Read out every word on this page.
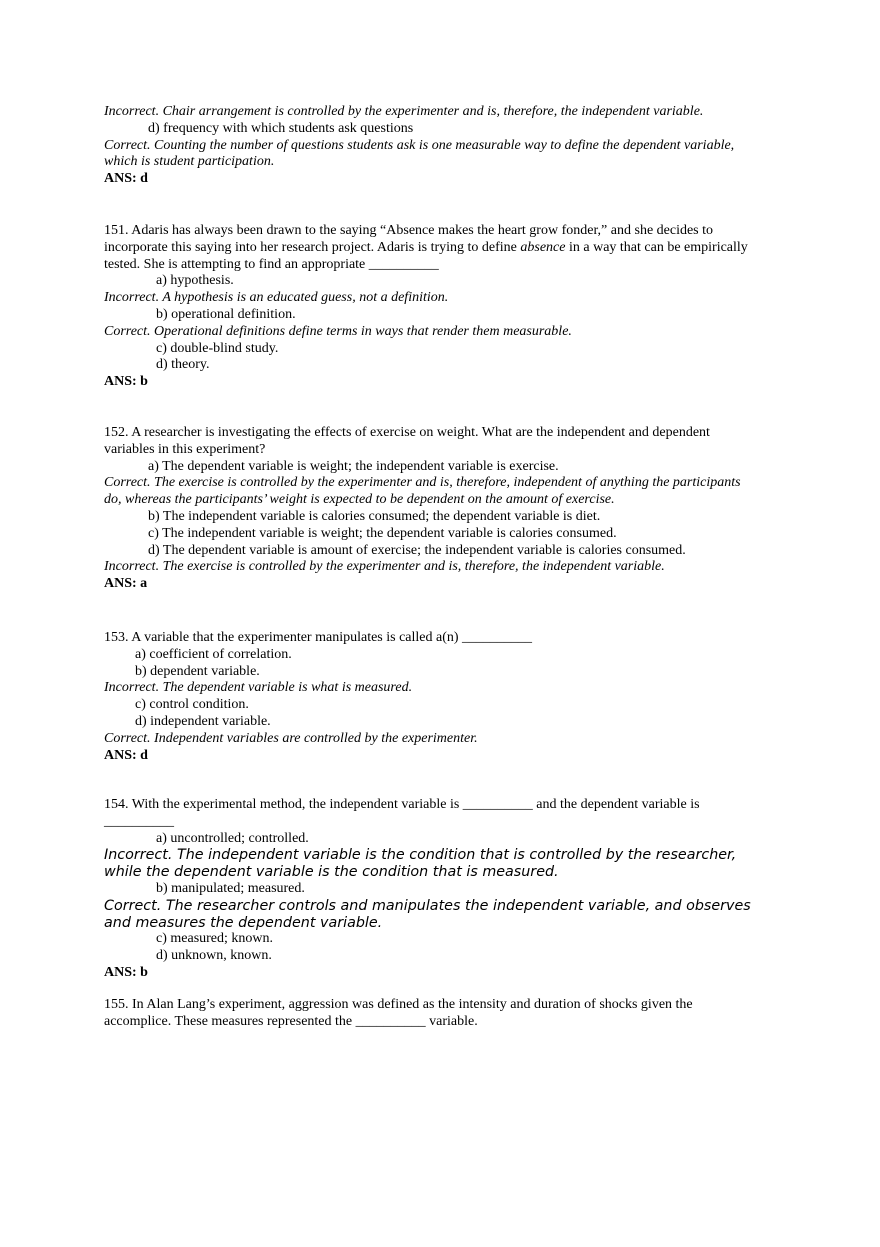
Incorrect. Chair arrangement is controlled by the experimenter and is, therefore, the independent variable.
d) frequency with which students ask questions
Correct. Counting the number of questions students ask is one measurable way to define the dependent variable,
which is student participation.
ANS: d
151. Adaris has always been drawn to the saying “Absence makes the heart grow fonder,” and she decides to
incorporate this saying into her research project. Adaris is trying to define absence in a way that can be empirically
tested. She is attempting to find an appropriate __________
a) hypothesis.
Incorrect. A hypothesis is an educated guess, not a definition.
b) operational definition.
Correct. Operational definitions define terms in ways that render them measurable.
c) double-blind study.
d) theory.
ANS: b
152. A researcher is investigating the effects of exercise on weight. What are the independent and dependent
variables in this experiment?
a) The dependent variable is weight; the independent variable is exercise.
Correct. The exercise is controlled by the experimenter and is, therefore, independent of anything the participants
do, whereas the participants’ weight is expected to be dependent on the amount of exercise.
b) The independent variable is calories consumed; the dependent variable is diet.
c) The independent variable is weight; the dependent variable is calories consumed.
d) The dependent variable is amount of exercise; the independent variable is calories consumed.
Incorrect. The exercise is controlled by the experimenter and is, therefore, the independent variable.
ANS: a
153. A variable that the experimenter manipulates is called a(n) __________
a) coefficient of correlation.
b) dependent variable.
Incorrect. The dependent variable is what is measured.
c) control condition.
d) independent variable.
Correct. Independent variables are controlled by the experimenter.
ANS: d
154. With the experimental method, the independent variable is __________ and the dependent variable is
__________
a) uncontrolled; controlled.
Incorrect. The independent variable is the condition that is controlled by the researcher,
while the dependent variable is the condition that is measured.
b) manipulated; measured.
Correct. The researcher controls and manipulates the independent variable, and observes
and measures the dependent variable.
c) measured; known.
d) unknown, known.
ANS: b
155. In Alan Lang’s experiment, aggression was defined as the intensity and duration of shocks given the
accomplice. These measures represented the __________ variable.
